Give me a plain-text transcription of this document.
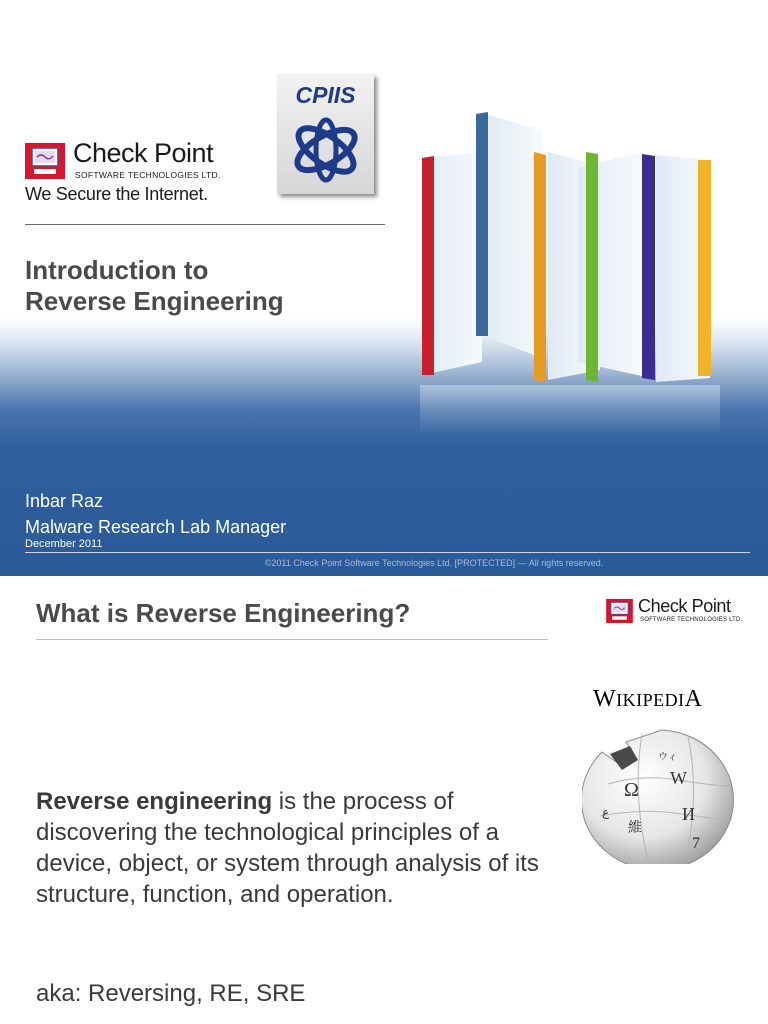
Check Point
SOFTWARE TECHNOLOGIES LTD.
We Secure the Internet.
CPIIS
Introduction to
Reverse Engineering
Inbar Raz
Malware Research Lab Manager
December 2011
©2011 Check Point Software Technologies Ltd. [PROTECTED] — All rights reserved.
What is Reverse Engineering?	Check Point
SOFTWARE TECHNOLOGIES LTD.
WIKIPEDIA
Ω
W
И
維
7
ウィ
ع
Reverse engineering is the process of discovering the technological principles of a device, object, or system through analysis of its structure, function, and operation.
aka: Reversing, RE, SRE
